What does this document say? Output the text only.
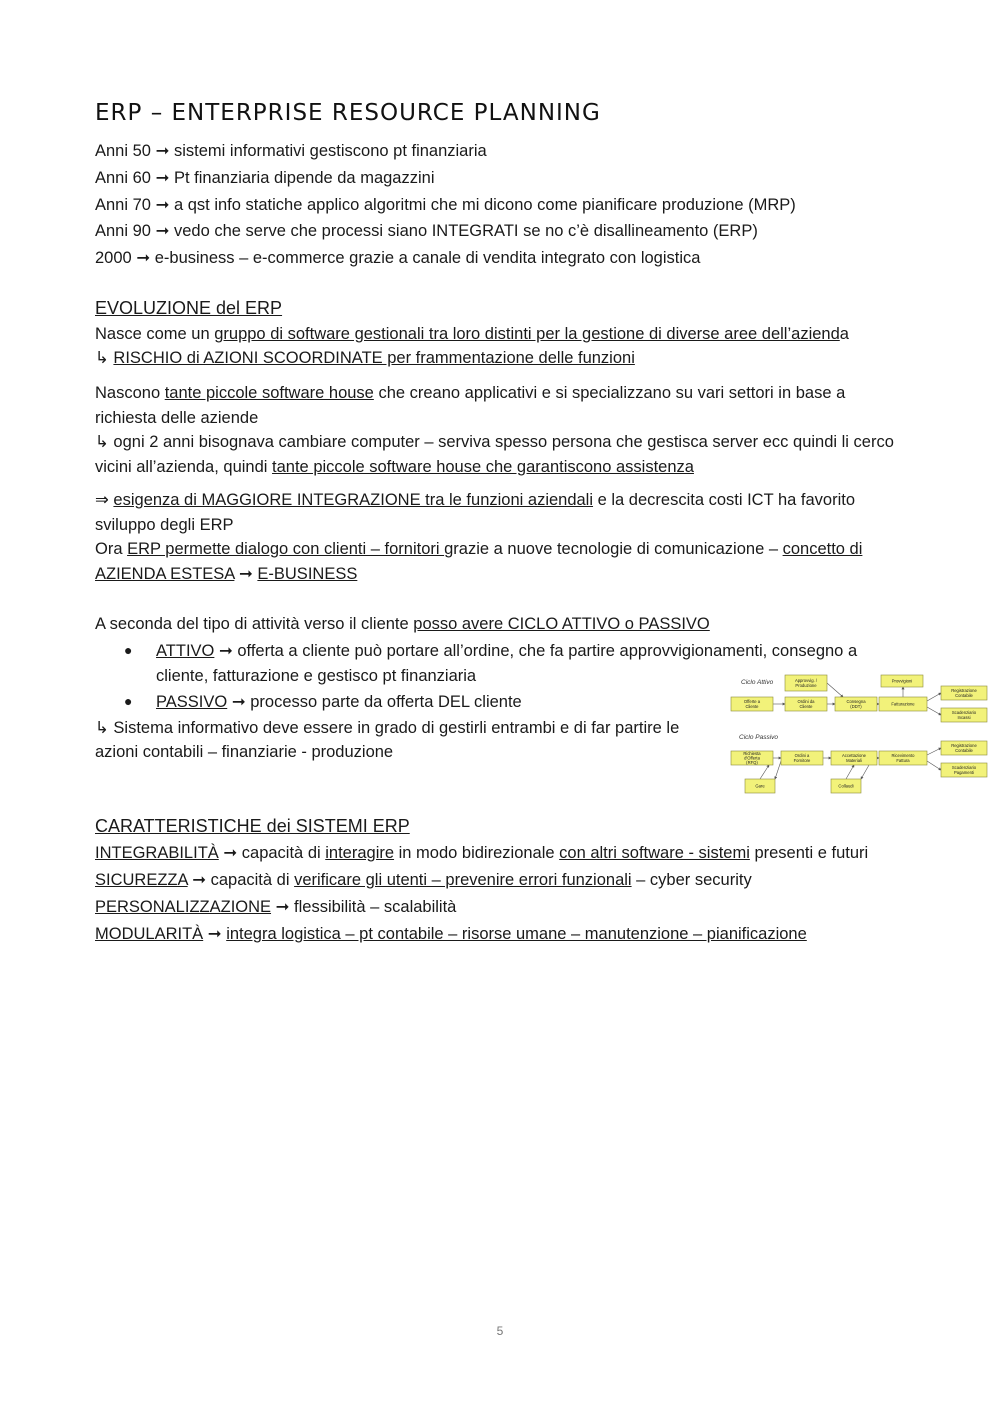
ERP – ENTERPRISE RESOURCE PLANNING
Anni 50 ➞ sistemi informativi gestiscono pt finanziaria
Anni 60 ➞ Pt finanziaria dipende da magazzini
Anni 70 ➞ a qst info statiche applico algoritmi che mi dicono come pianificare produzione (MRP)
Anni 90 ➞ vedo che serve che processi siano INTEGRATI se no c’è disallineamento (ERP)
2000 ➞ e-business – e-commerce grazie a canale di vendita integrato con logistica
EVOLUZIONE del ERP
Nasce come un gruppo di software gestionali tra loro distinti per la gestione di diverse aree dell’azienda
↳ RISCHIO di AZIONI SCOORDINATE per frammentazione delle funzioni
Nascono tante piccole software house che creano applicativi e si specializzano su vari settori in base a richiesta delle aziende
↳ ogni 2 anni bisognava cambiare computer – serviva spesso persona che gestisca server ecc quindi li cerco vicini all’azienda, quindi tante piccole software house che garantiscono assistenza
⇒ esigenza di MAGGIORE INTEGRAZIONE tra le funzioni aziendali e la decrescita costi ICT ha favorito sviluppo degli ERP
Ora ERP permette dialogo con clienti – fornitori grazie a nuove tecnologie di comunicazione – concetto di AZIENDA ESTESA ➞ E-BUSINESS
A seconda del tipo di attività verso il cliente posso avere CICLO ATTIVO o PASSIVO
● ATTIVO ➞ offerta a cliente può portare all’ordine, che fa partire approvvigionamenti, consegno a
cliente, fatturazione e gestisco pt finanziaria
● PASSIVO ➞ processo parte da offerta DEL cliente
↳ Sistema informativo deve essere in grado di gestirli entrambi e di far partire le
azioni contabili – finanziarie - produzione
Ciclo Attivo
Ciclo Passivo
Offerte a
Cliente
Approvvig. /
Produzione
Ordini da
Cliente
Consegna
(DDT)	Fatturazione
Provvigioni
Registrazione
Contabile
Scadenziario
Incassi
Richiesta
d'Offerta
(RFQ)
Ordini a
Fornitore
Accettazione
Materiali
Ricevimento
Fattura
Registrazione
Contabile
Scadenziario
Pagamenti
Gare	Collaudi
CARATTERISTICHE dei SISTEMI ERP
INTEGRABILITÀ ➞ capacità di interagire in modo bidirezionale con altri software - sistemi presenti e futuri
SICUREZZA ➞ capacità di verificare gli utenti – prevenire errori funzionali – cyber security
PERSONALIZZAZIONE ➞ flessibilità – scalabilità
MODULARITÀ ➞ integra logistica – pt contabile – risorse umane – manutenzione – pianificazione
5
